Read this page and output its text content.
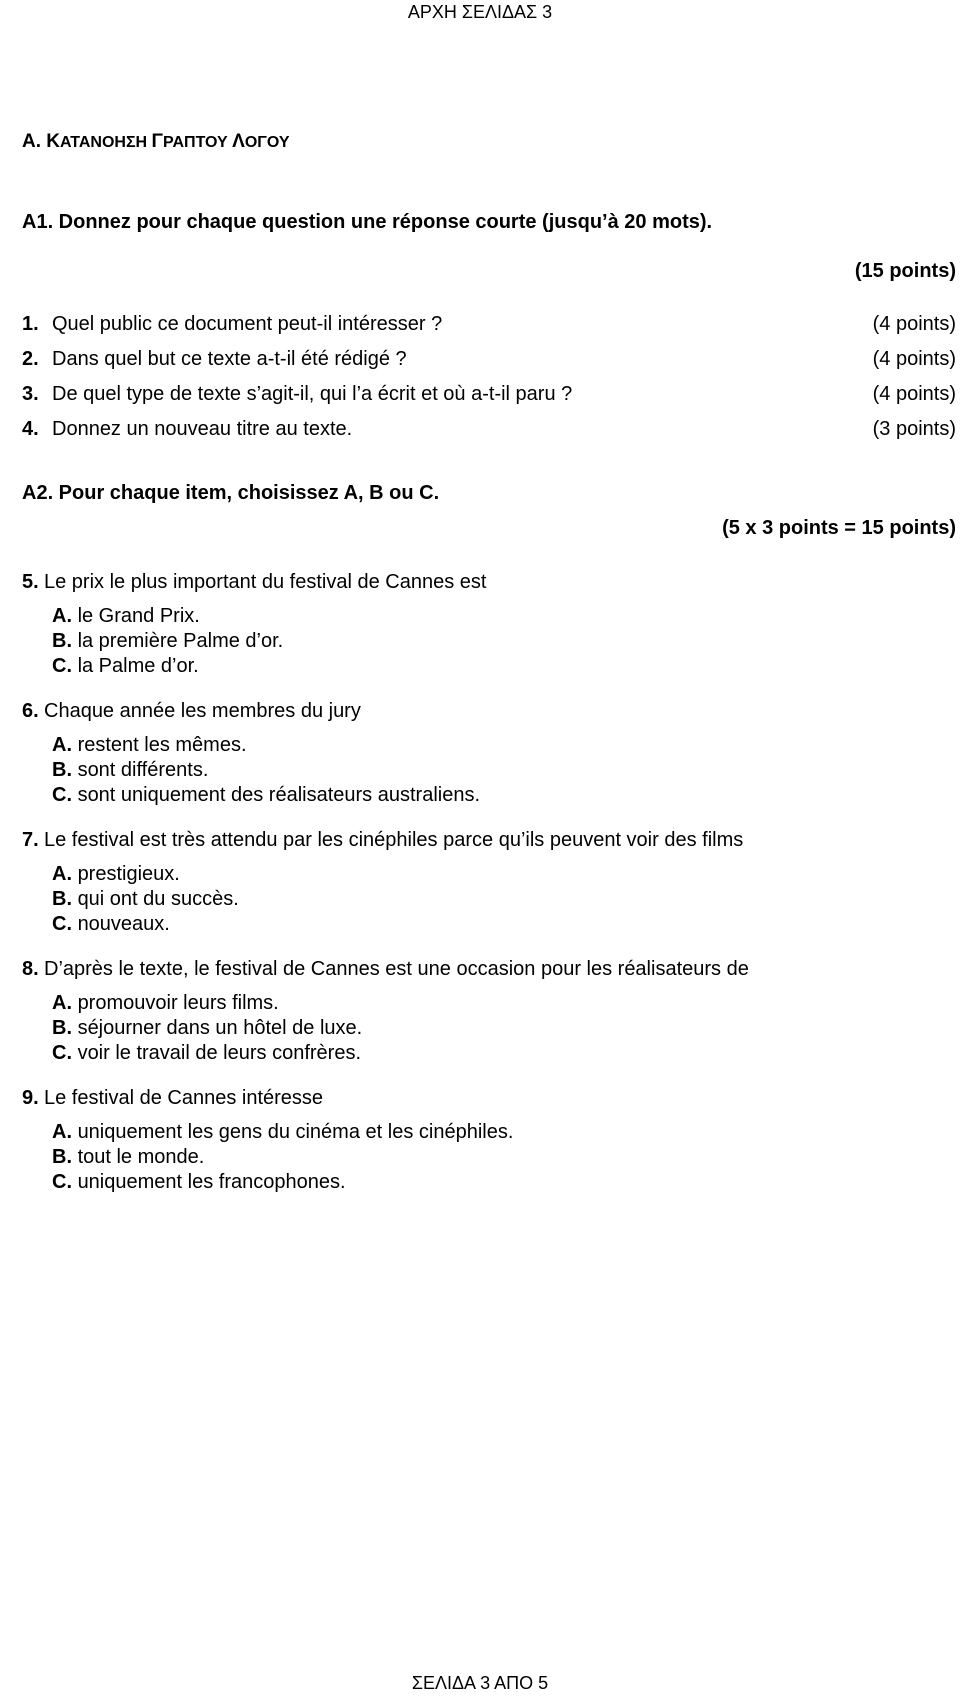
ΑΡΧΗ ΣΕΛΙΔΑΣ 3
A. ΚΑΤΑΝΟΗΣΗ ΓΡΑΠΤΟΥ ΛΟΓΟΥ
A1. Donnez pour chaque question une réponse courte (jusqu’à 20 mots).
(15 points)
1. Quel public ce document peut-il intéresser ?	(4 points)
2. Dans quel but ce texte a-t-il été rédigé ?	(4 points)
3. De quel type de texte s’agit-il, qui l’a écrit et où a-t-il paru ?	(4 points)
4. Donnez un nouveau titre au texte.	(3 points)
A2. Pour chaque item, choisissez A, B ou C.
(5 x 3 points = 15 points)
5. Le prix le plus important du festival de Cannes est
A. le Grand Prix.
B. la première Palme d’or.
C. la Palme d’or.
6. Chaque année les membres du jury
A. restent les mêmes.
B. sont différents.
C. sont uniquement des réalisateurs australiens.
7. Le festival est très attendu par les cinéphiles parce qu’ils peuvent voir des films
A. prestigieux.
B. qui ont du succès.
C. nouveaux.
8. D’après le texte, le festival de Cannes est une occasion pour les réalisateurs de
A. promouvoir leurs films.
B. séjourner dans un hôtel de luxe.
C. voir le travail de leurs confrères.
9. Le festival de Cannes intéresse
A. uniquement les gens du cinéma et les cinéphiles.
B. tout le monde.
C. uniquement les francophones.
ΣΕΛΙΔΑ 3 ΑΠΟ 5
